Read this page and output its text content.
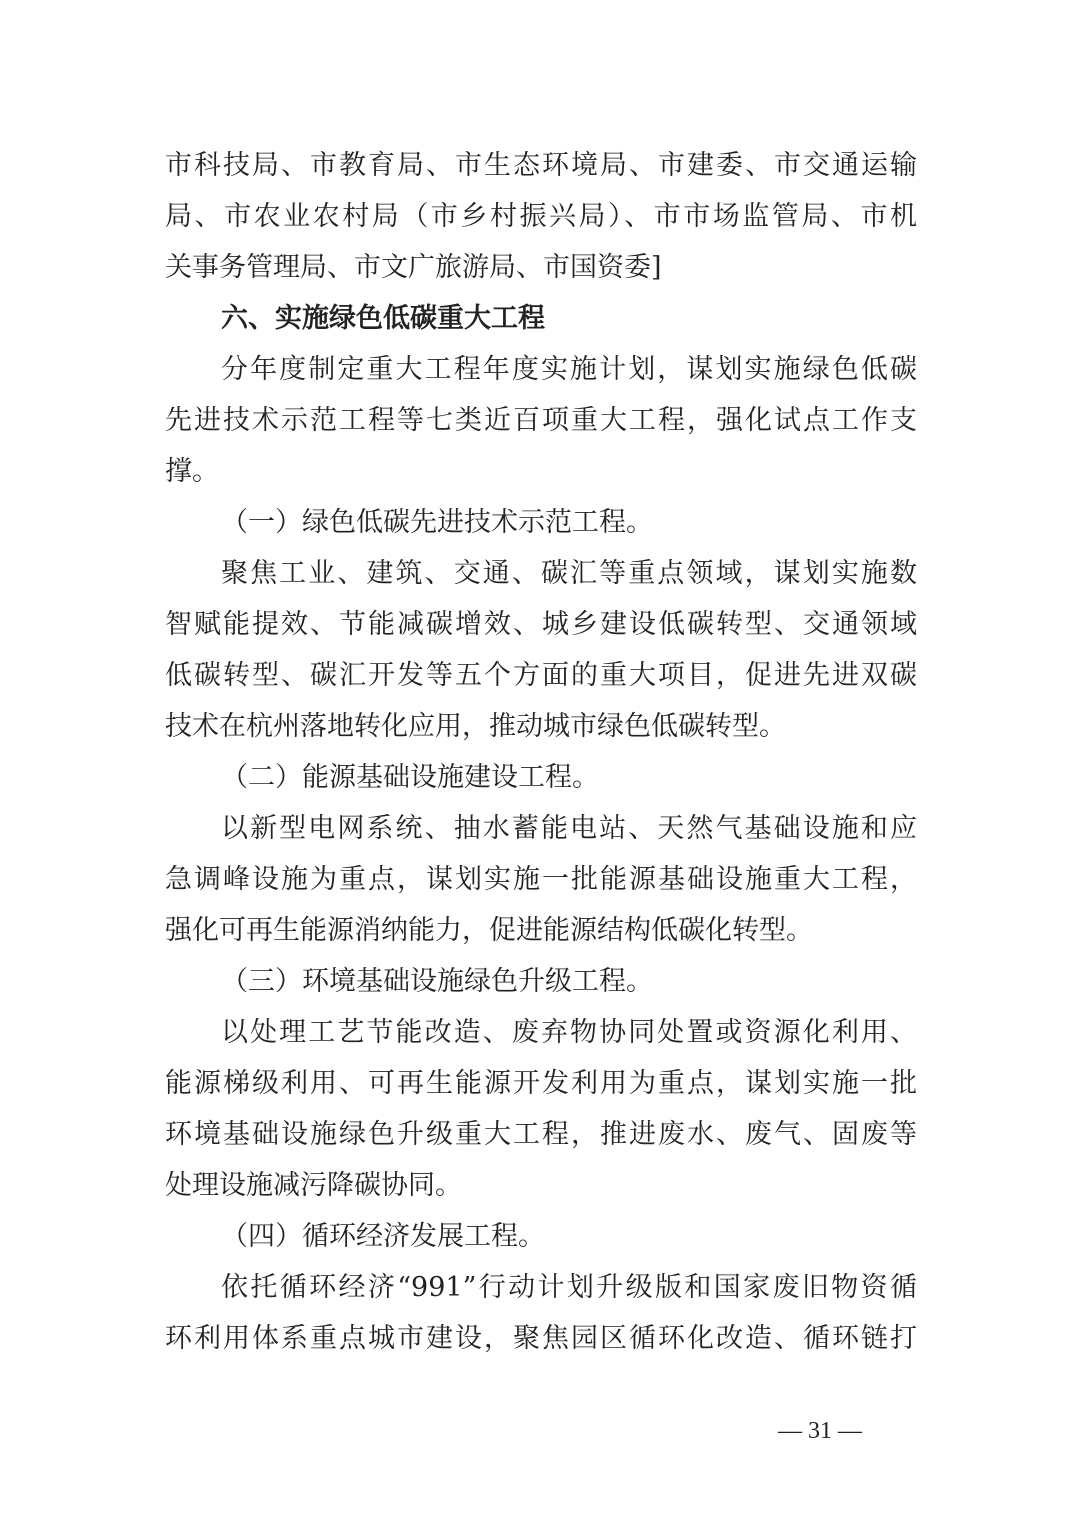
市科技局、市教育局、市生态环境局、市建委、市交通运输
局、市农业农村局（市乡村振兴局）、市市场监管局、市机
关事务管理局、市文广旅游局、市国资委]
六、实施绿色低碳重大工程
分年度制定重大工程年度实施计划，谋划实施绿色低碳
先进技术示范工程等七类近百项重大工程，强化试点工作支
撑。
（一）绿色低碳先进技术示范工程。
聚焦工业、建筑、交通、碳汇等重点领域，谋划实施数
智赋能提效、节能减碳增效、城乡建设低碳转型、交通领域
低碳转型、碳汇开发等五个方面的重大项目，促进先进双碳
技术在杭州落地转化应用，推动城市绿色低碳转型。
（二）能源基础设施建设工程。
以新型电网系统、抽水蓄能电站、天然气基础设施和应
急调峰设施为重点，谋划实施一批能源基础设施重大工程，
强化可再生能源消纳能力，促进能源结构低碳化转型。
（三）环境基础设施绿色升级工程。
以处理工艺节能改造、废弃物协同处置或资源化利用、
能源梯级利用、可再生能源开发利用为重点，谋划实施一批
环境基础设施绿色升级重大工程，推进废水、废气、固废等
处理设施减污降碳协同。
（四）循环经济发展工程。
依托循环经济“991”行动计划升级版和国家废旧物资循
环利用体系重点城市建设，聚焦园区循环化改造、循环链打
— 31 —
